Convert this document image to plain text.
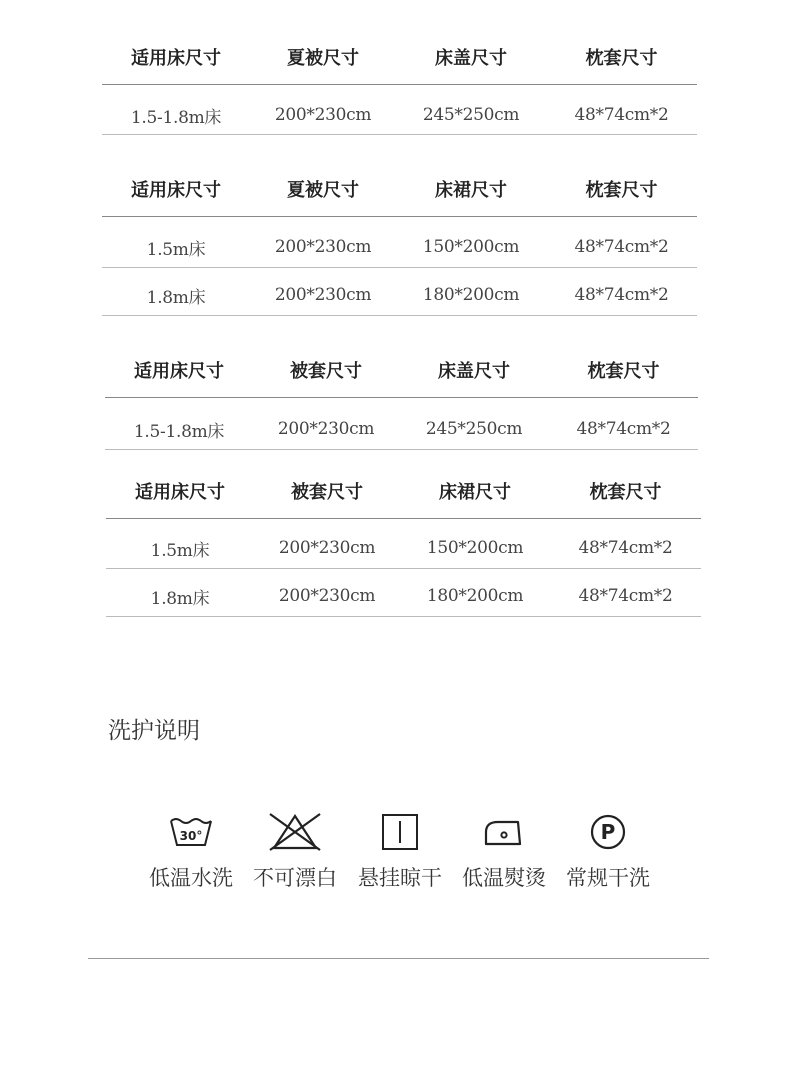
适用床尺寸	夏被尺寸	床盖尺寸	枕套尺寸
1.5-1.8m床	200*230cm	245*250cm	48*74cm*2
适用床尺寸	夏被尺寸	床裙尺寸	枕套尺寸
1.5m床	200*230cm	150*200cm	48*74cm*2
1.8m床	200*230cm	180*200cm	48*74cm*2
适用床尺寸	被套尺寸	床盖尺寸	枕套尺寸
1.5-1.8m床	200*230cm	245*250cm	48*74cm*2
适用床尺寸	被套尺寸	床裙尺寸	枕套尺寸
1.5m床	200*230cm	150*200cm	48*74cm*2
1.8m床	200*230cm	180*200cm	48*74cm*2
洗护说明
30°
低温水洗 不可漂白	悬挂晾干 低温熨烫
P
常规干洗
